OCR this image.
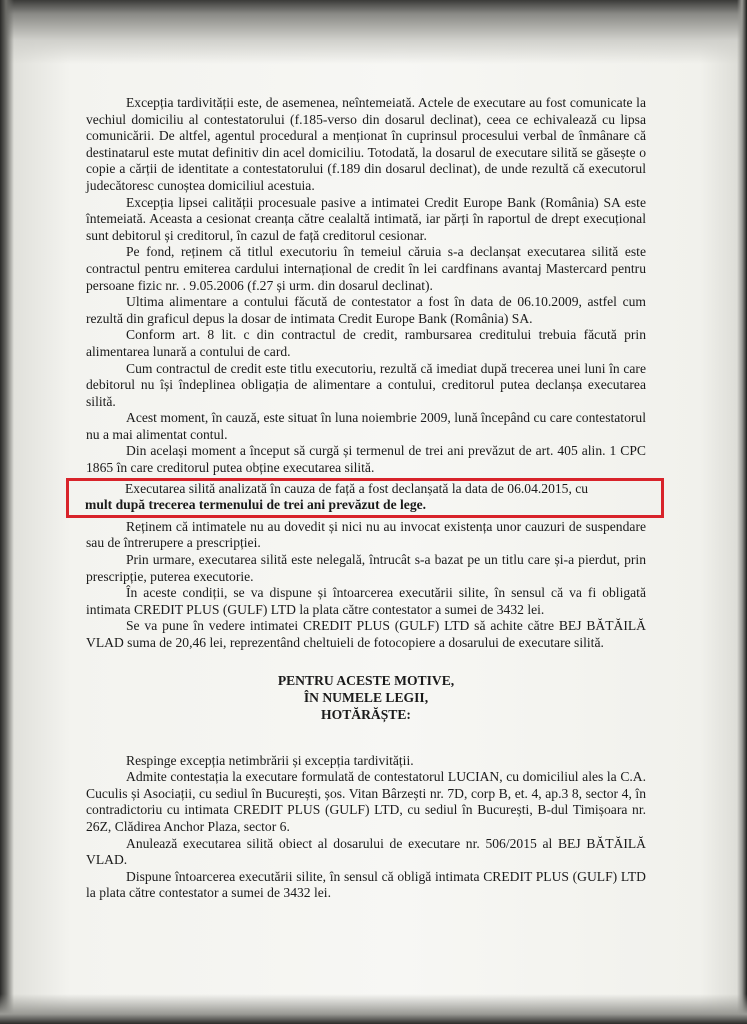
Excepția tardivității este, de asemenea, neîntemeiată. Actele de executare au fost comunicate la vechiul domiciliu al contestatorului (f.185-verso din dosarul declinat), ceea ce echivalează cu lipsa comunicării. De altfel, agentul procedural a menționat în cuprinsul procesului verbal de înmânare că destinatarul este mutat definitiv din acel domiciliu. Totodată, la dosarul de executare silită se găsește o copie a cărții de identitate a contestatorului (f.189 din dosarul declinat), de unde rezultă că executorul judecătoresc cunoștea domiciliul acestuia.

Excepția lipsei calității procesuale pasive a intimatei Credit Europe Bank (România) SA este întemeiată. Aceasta a cesionat creanța către cealaltă intimată, iar părți în raportul de drept execuțional sunt debitorul și creditorul, în cazul de față creditorul cesionar.

Pe fond, reținem că titlul executoriu în temeiul căruia s-a declanșat executarea silită este contractul pentru emiterea cardului internațional de credit în lei cardfinans avantaj Mastercard pentru persoane fizic nr. . 9.05.2006 (f.27 și urm. din dosarul declinat).

Ultima alimentare a contului făcută de contestator a fost în data de 06.10.2009, astfel cum rezultă din graficul depus la dosar de intimata Credit Europe Bank (România) SA.

Conform art. 8 lit. c din contractul de credit, rambursarea creditului trebuia făcută prin alimentarea lunară a contului de card.

Cum contractul de credit este titlu executoriu, rezultă că imediat după trecerea unei luni în care debitorul nu își îndeplinea obligația de alimentare a contului, creditorul putea declanșa executarea silită.

Acest moment, în cauză, este situat în luna noiembrie 2009, lună începând cu care contestatorul nu a mai alimentat contul.

Din același moment a început să curgă și termenul de trei ani prevăzut de art. 405 alin. 1 CPC 1865 în care creditorul putea obține executarea silită.

Executarea silită analizată în cauza de față a fost declanșată la data de 06.04.2015, cu

mult după trecerea termenului de trei ani prevăzut de lege.

Reținem că intimatele nu au dovedit și nici nu au invocat existența unor cauzuri de suspendare sau de întrerupere a prescripției.

Prin urmare, executarea silită este nelegală, întrucât s-a bazat pe un titlu care și-a pierdut, prin prescripție, puterea executorie.

În aceste condiții, se va dispune și întoarcerea executării silite, în sensul că va fi obligată intimata CREDIT PLUS (GULF) LTD la plata către contestator a sumei de 3432 lei.

Se va pune în vedere intimatei CREDIT PLUS (GULF) LTD să achite către BEJ BĂTĂILĂ VLAD suma de 20,46 lei, reprezentând cheltuieli de fotocopiere a dosarului de executare silită.

PENTRU ACESTE MOTIVE,
ÎN NUMELE LEGII,
HOTĂRĂȘTE:

Respinge excepția netimbrării și excepția tardivității.

Admite contestația la executare formulată de contestatorul LUCIAN, cu domiciliul ales la C.A. Cuculis și Asociații, cu sediul în București, șos. Vitan Bârzești nr. 7D, corp B, et. 4, ap.3 8, sector 4, în contradictoriu cu intimata CREDIT PLUS (GULF) LTD, cu sediul în București, B-dul Timișoara nr. 26Z, Clădirea Anchor Plaza, sector 6.

Anulează executarea silită obiect al dosarului de executare nr. 506/2015 al BEJ BĂTĂILĂ VLAD.

Dispune întoarcerea executării silite, în sensul că obligă intimata CREDIT PLUS (GULF) LTD la plata către contestator a sumei de 3432 lei.
